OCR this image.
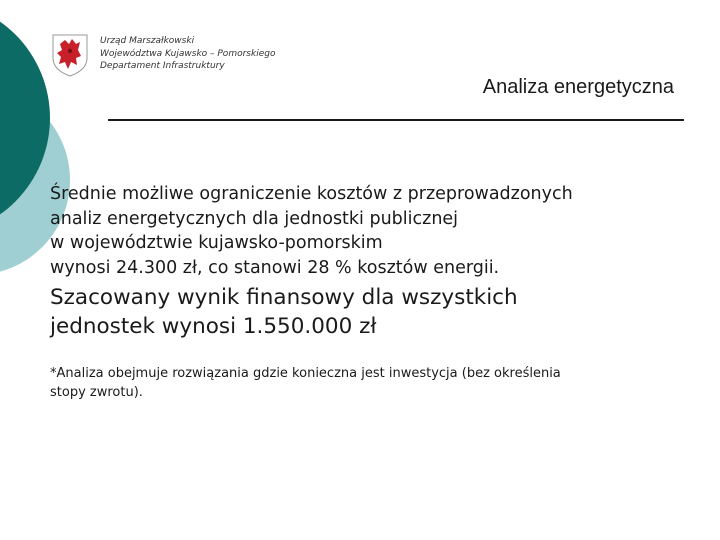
Urząd Marszałkowski
Województwa Kujawsko – Pomorskiego
Departament Infrastruktury
Analiza energetyczna

Średnie możliwe ograniczenie kosztów z przeprowadzonych
analiz energetycznych dla jednostki publicznej
w województwie kujawsko-pomorskim
wynosi 24.300 zł, co stanowi 28 % kosztów energii.

Szacowany wynik finansowy dla wszystkich
jednostek wynosi 1.550.000 zł

*Analiza obejmuje rozwiązania gdzie konieczna jest inwestycja (bez określenia
stopy zwrotu).
